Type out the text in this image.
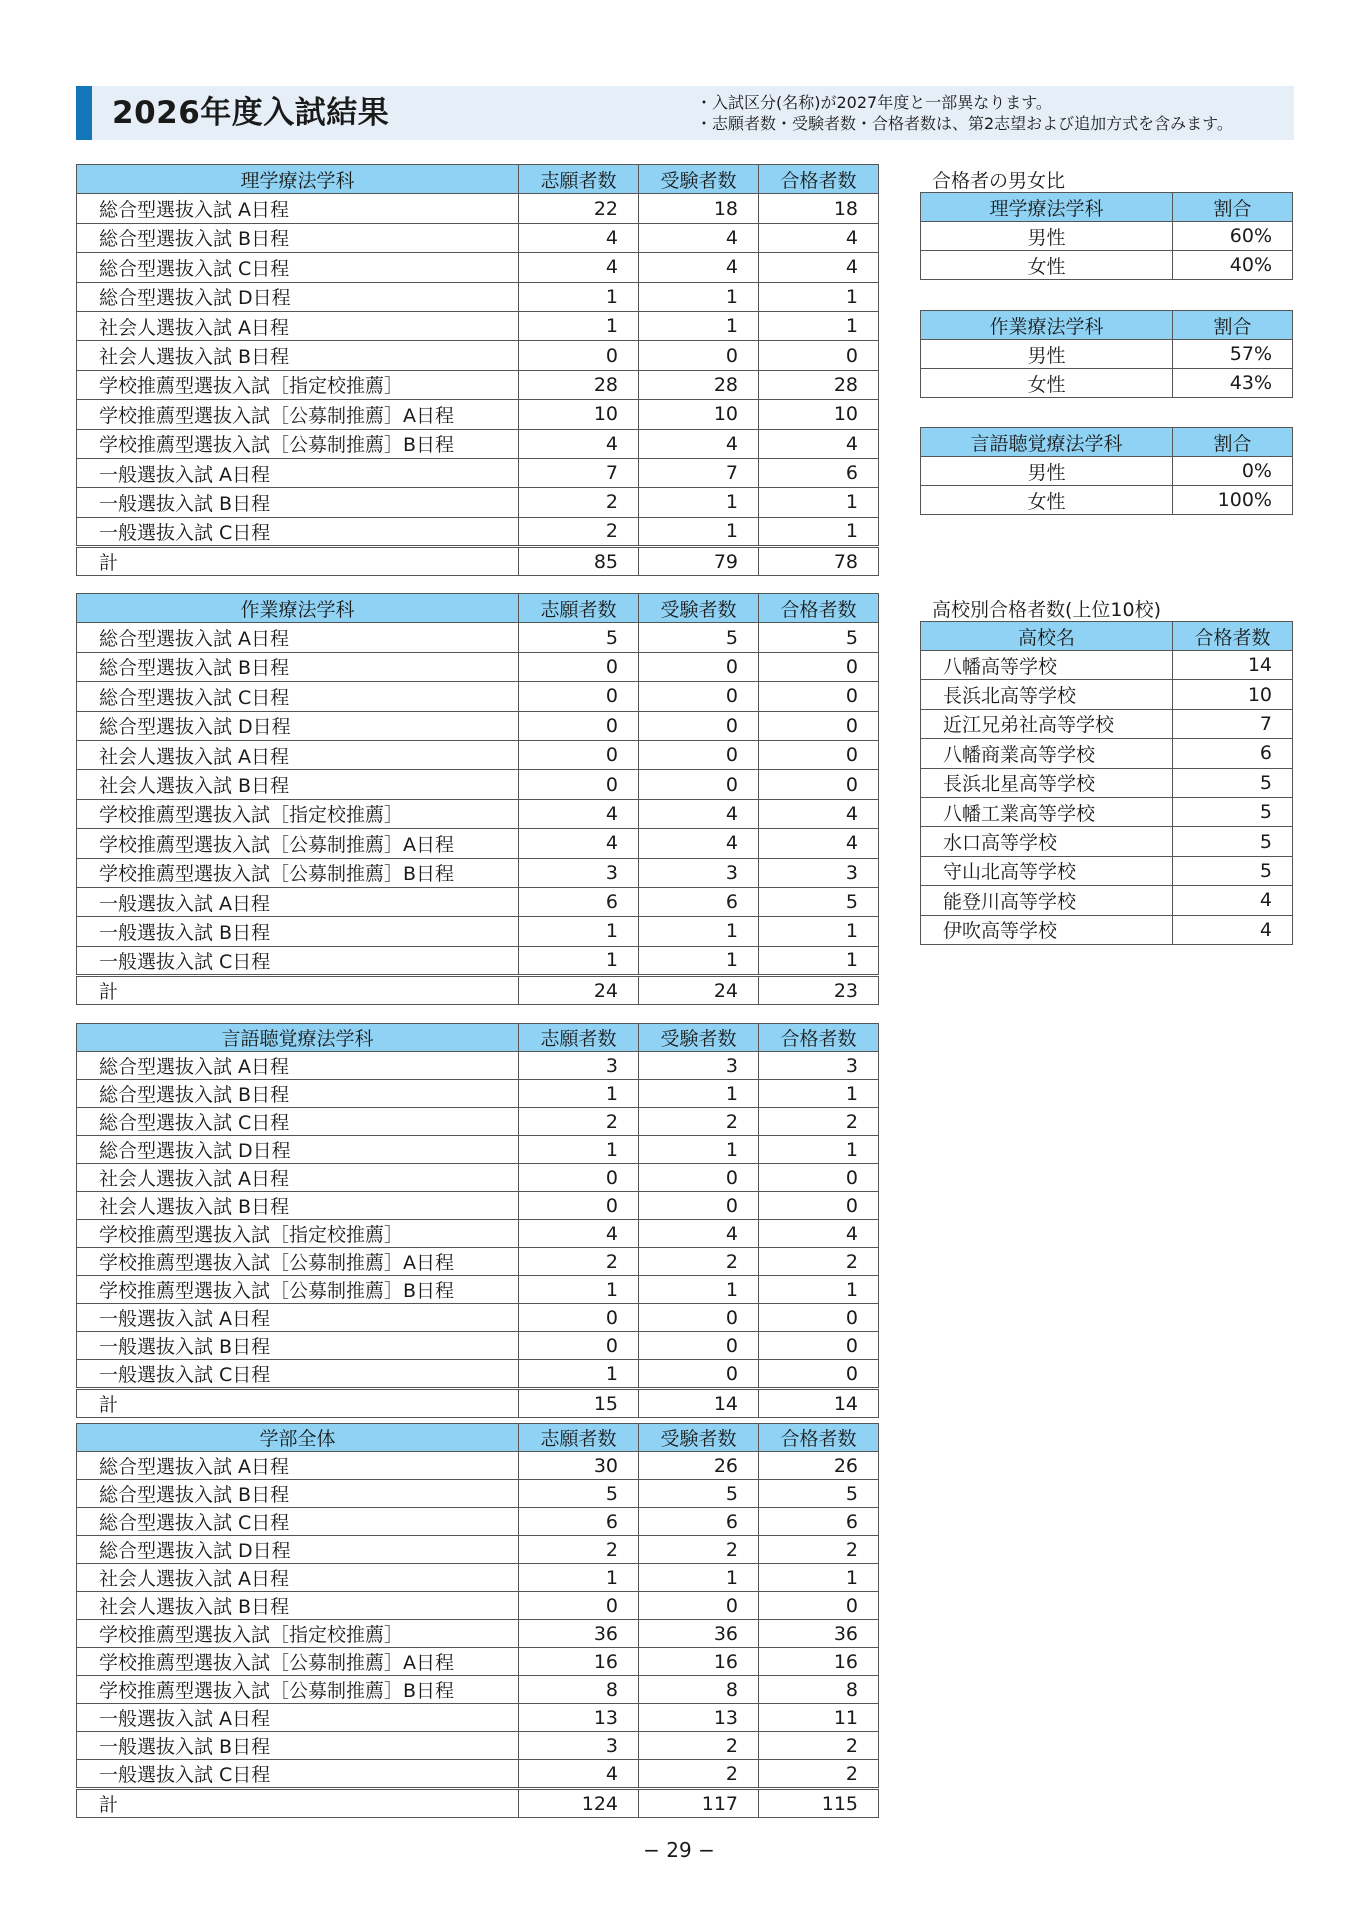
2026年度入試結果	・入試区分(名称)が2027年度と一部異なります。
・志願者数・受験者数・合格者数は、第2志望および追加方式を含みます。
理学療法学科	志願者数	受験者数	合格者数
総合型選抜入試 A日程	22	18	18
総合型選抜入試 B日程	4	4	4
総合型選抜入試 C日程	4	4	4
総合型選抜入試 D日程	1	1	1
社会人選抜入試 A日程	1	1	1
社会人選抜入試 B日程	0	0	0
学校推薦型選抜入試［指定校推薦］	28	28	28
学校推薦型選抜入試［公募制推薦］A日程	10	10	10
学校推薦型選抜入試［公募制推薦］B日程	4	4	4
一般選抜入試 A日程	7	7	6
一般選抜入試 B日程	2	1	1
一般選抜入試 C日程	2	1	1
計	85	79	78
作業療法学科	志願者数	受験者数	合格者数
総合型選抜入試 A日程	5	5	5
総合型選抜入試 B日程	0	0	0
総合型選抜入試 C日程	0	0	0
総合型選抜入試 D日程	0	0	0
社会人選抜入試 A日程	0	0	0
社会人選抜入試 B日程	0	0	0
学校推薦型選抜入試［指定校推薦］	4	4	4
学校推薦型選抜入試［公募制推薦］A日程	4	4	4
学校推薦型選抜入試［公募制推薦］B日程	3	3	3
一般選抜入試 A日程	6	6	5
一般選抜入試 B日程	1	1	1
一般選抜入試 C日程	1	1	1
計	24	24	23
言語聴覚療法学科	志願者数	受験者数	合格者数
総合型選抜入試 A日程	3	3	3
総合型選抜入試 B日程	1	1	1
総合型選抜入試 C日程	2	2	2
総合型選抜入試 D日程	1	1	1
社会人選抜入試 A日程	0	0	0
社会人選抜入試 B日程	0	0	0
学校推薦型選抜入試［指定校推薦］	4	4	4
学校推薦型選抜入試［公募制推薦］A日程	2	2	2
学校推薦型選抜入試［公募制推薦］B日程	1	1	1
一般選抜入試 A日程	0	0	0
一般選抜入試 B日程	0	0	0
一般選抜入試 C日程	1	0	0
計	15	14	14
学部全体	志願者数	受験者数	合格者数
総合型選抜入試 A日程	30	26	26
総合型選抜入試 B日程	5	5	5
総合型選抜入試 C日程	6	6	6
総合型選抜入試 D日程	2	2	2
社会人選抜入試 A日程	1	1	1
社会人選抜入試 B日程	0	0	0
学校推薦型選抜入試［指定校推薦］	36	36	36
学校推薦型選抜入試［公募制推薦］A日程	16	16	16
学校推薦型選抜入試［公募制推薦］B日程	8	8	8
一般選抜入試 A日程	13	13	11
一般選抜入試 B日程	3	2	2
一般選抜入試 C日程	4	2	2
計	124	117	115
合格者の男女比
理学療法学科	割合
男性	60%
女性	40%
作業療法学科	割合
男性	57%
女性	43%
言語聴覚療法学科	割合
男性	0%
女性	100%
高校別合格者数(上位10校)
高校名	合格者数
八幡高等学校	14
長浜北高等学校	10
近江兄弟社高等学校	7
八幡商業高等学校	6
長浜北星高等学校	5
八幡工業高等学校	5
水口高等学校	5
守山北高等学校	5
能登川高等学校	4
伊吹高等学校	4
− 29 −
